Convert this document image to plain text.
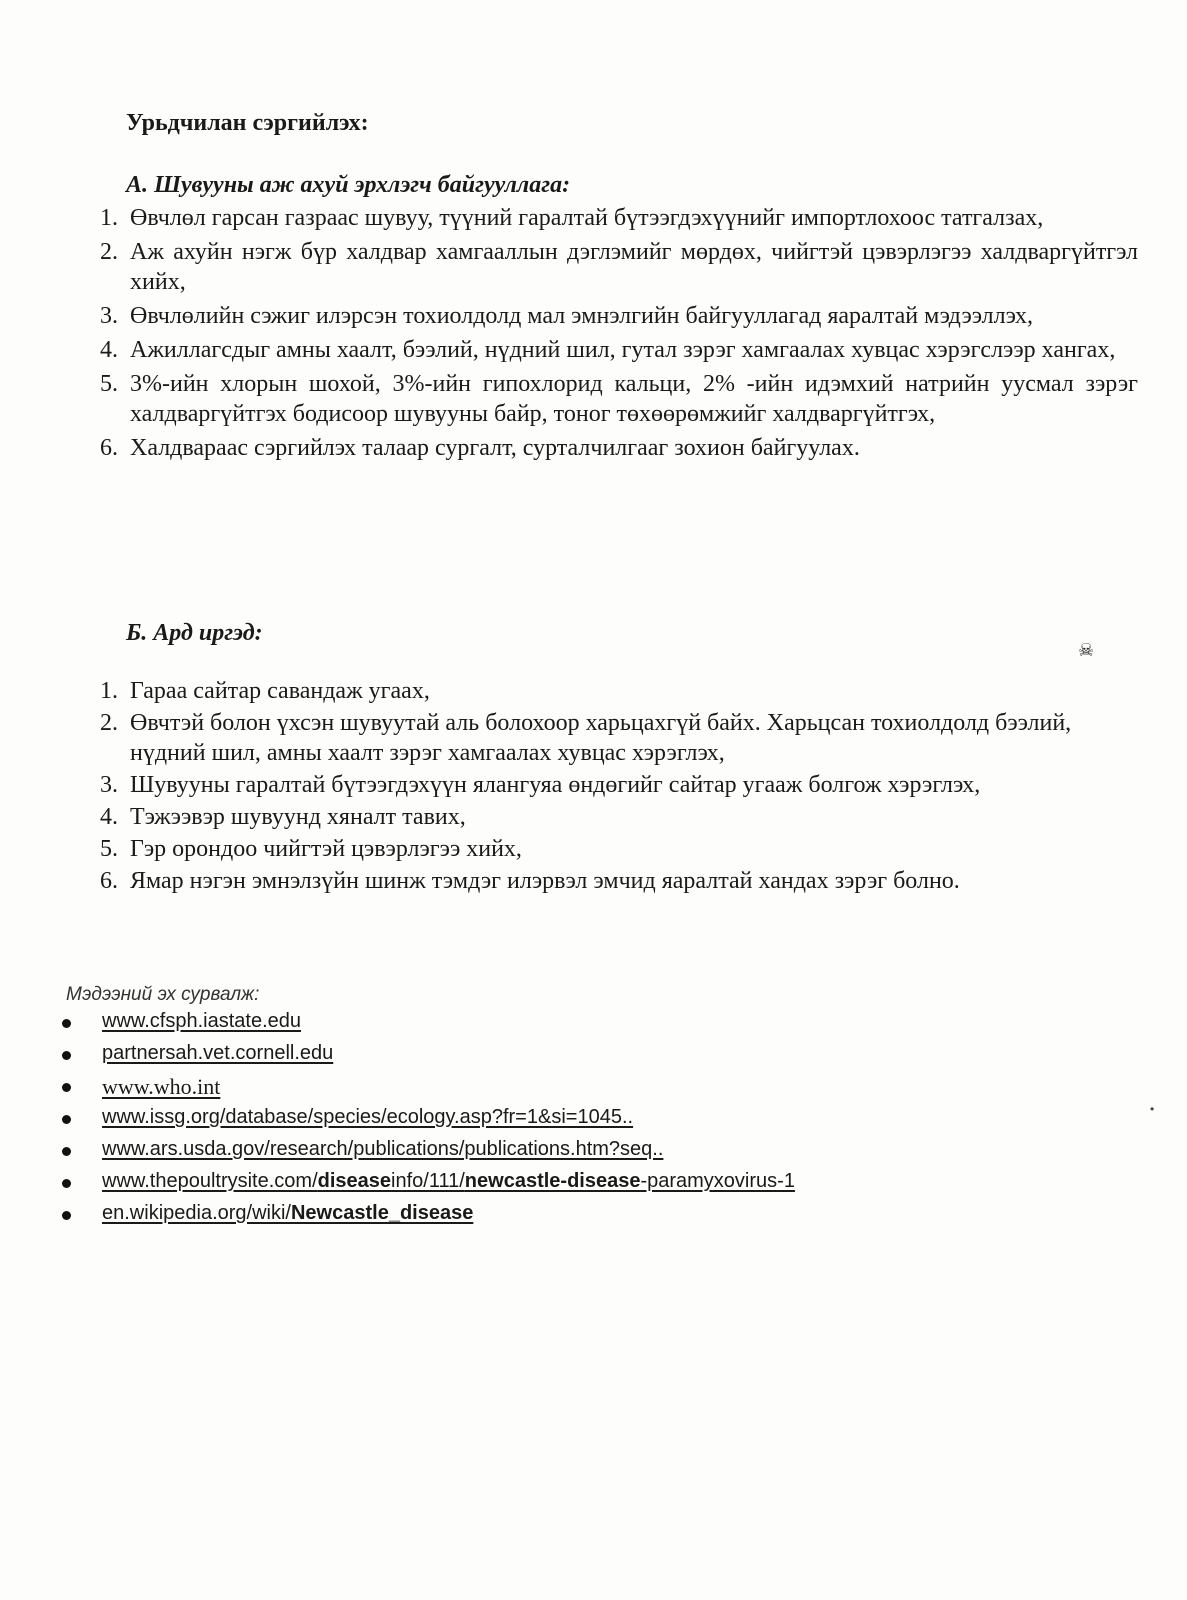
Урьдчилан сэргийлэх:
А. Шувууны аж ахуй эрхлэгч байгууллага:
1. Өвчлөл гарсан газраас шувуу, түүний гаралтай бүтээгдэхүүнийг импортлохоос татгалзах,
2. Аж ахуйн нэгж бүр халдвар хамгааллын дэглэмийг мөрдөх, чийгтэй цэвэрлэгээ халдваргүйтгэл хийх,
3. Өвчлөлийн сэжиг илэрсэн тохиолдолд мал эмнэлгийн байгууллагад яаралтай мэдээллэх,
4. Ажиллагсдыг амны хаалт, бээлий, нүдний шил, гутал зэрэг хамгаалах хувцас хэрэгслээр хангах,
5. 3%-ийн хлорын шохой, 3%-ийн гипохлорид кальци, 2% -ийн идэмхий натрийн уусмал зэрэг халдваргүйтгэх бодисоор шувууны байр, тоног төхөөрөмжийг халдваргүйтгэх,
6. Халдвараас сэргийлэх талаар сургалт, сурталчилгааг зохион байгуулах.
Б. Ард иргэд:
☠
1. Гараа сайтар савандаж угаах,
2. Өвчтэй болон үхсэн шувуутай аль болохоор харьцахгүй байх. Харьцсан тохиолдолд бээлий, нүдний шил, амны хаалт зэрэг хамгаалах хувцас хэрэглэх,
3. Шувууны гаралтай бүтээгдэхүүн ялангуяа өндөгийг сайтар угааж болгож хэрэглэх,
4. Тэжээвэр шувуунд хяналт тавих,
5. Гэр орондоо чийгтэй цэвэрлэгээ хийх,
6. Ямар нэгэн эмнэлзүйн шинж тэмдэг илэрвэл эмчид яаралтай хандах зэрэг болно.
Мэдээний эх сурвалж:
www.cfsph.iastate.edu
partnersah.vet.cornell.edu
www.who.int
www.issg.org/database/species/ecology.asp?fr=1&si=1045..
www.ars.usda.gov/research/publications/publications.htm?seq..
www.thepoultrysite.com/diseaseinfo/111/newcastle-disease-paramyxovirus-1
en.wikipedia.org/wiki/Newcastle_disease
•
